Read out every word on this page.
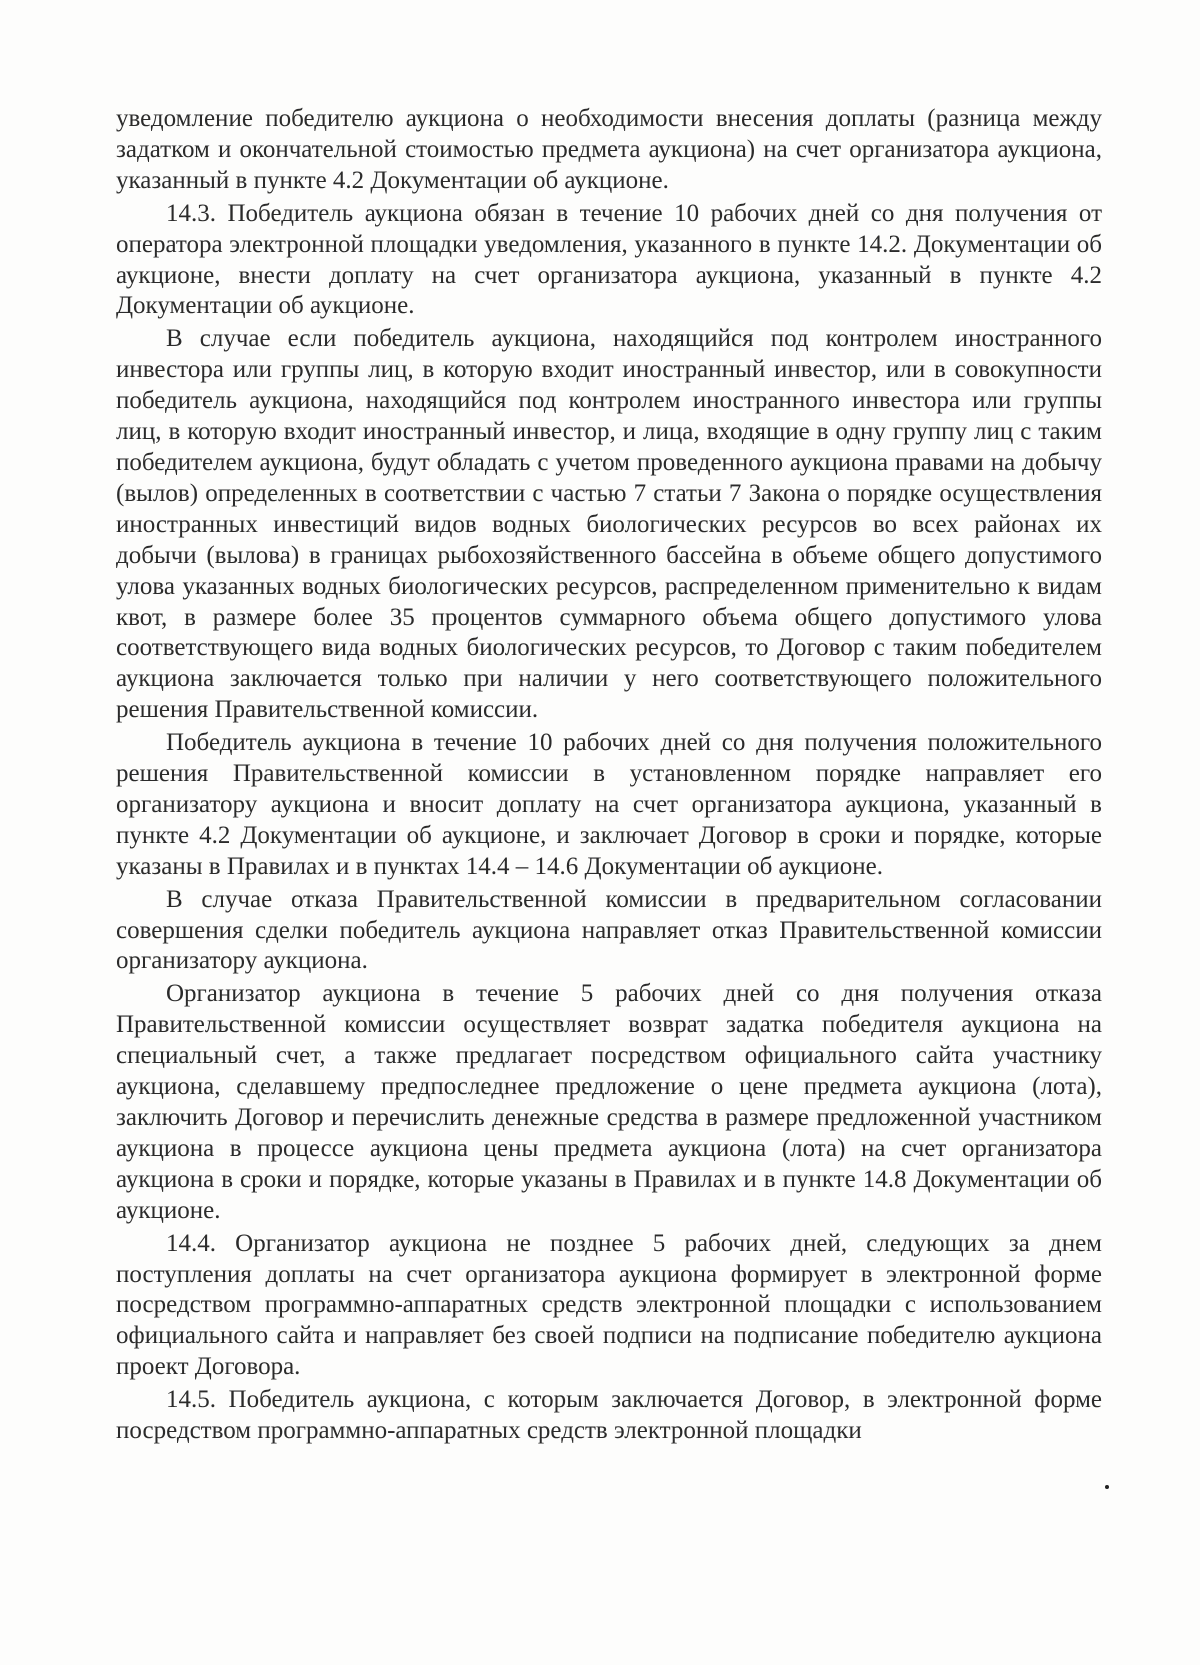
уведомление победителю аукциона о необходимости внесения доплаты (разница между задатком и окончательной стоимостью предмета аукциона) на счет организатора аукциона, указанный в пункте 4.2 Документации об аукционе.

14.3. Победитель аукциона обязан в течение 10 рабочих дней со дня получения от оператора электронной площадки уведомления, указанного в пункте 14.2. Документации об аукционе, внести доплату на счет организатора аукциона, указанный в пункте 4.2 Документации об аукционе.

В случае если победитель аукциона, находящийся под контролем иностранного инвестора или группы лиц, в которую входит иностранный инвестор, или в совокупности победитель аукциона, находящийся под контролем иностранного инвестора или группы лиц, в которую входит иностранный инвестор, и лица, входящие в одну группу лиц с таким победителем аукциона, будут обладать с учетом проведенного аукциона правами на добычу (вылов) определенных в соответствии с частью 7 статьи 7 Закона о порядке осуществления иностранных инвестиций видов водных биологических ресурсов во всех районах их добычи (вылова) в границах рыбохозяйственного бассейна в объеме общего допустимого улова указанных водных биологических ресурсов, распределенном применительно к видам квот, в размере более 35 процентов суммарного объема общего допустимого улова соответствующего вида водных биологических ресурсов, то Договор с таким победителем аукциона заключается только при наличии у него соответствующего положительного решения Правительственной комиссии.

Победитель аукциона в течение 10 рабочих дней со дня получения положительного решения Правительственной комиссии в установленном порядке направляет его организатору аукциона и вносит доплату на счет организатора аукциона, указанный в пункте 4.2 Документации об аукционе, и заключает Договор в сроки и порядке, которые указаны в Правилах и в пунктах 14.4 – 14.6 Документации об аукционе.

В случае отказа Правительственной комиссии в предварительном согласовании совершения сделки победитель аукциона направляет отказ Правительственной комиссии организатору аукциона.

Организатор аукциона в течение 5 рабочих дней со дня получения отказа Правительственной комиссии осуществляет возврат задатка победителя аукциона на специальный счет, а также предлагает посредством официального сайта участнику аукциона, сделавшему предпоследнее предложение о цене предмета аукциона (лота), заключить Договор и перечислить денежные средства в размере предложенной участником аукциона в процессе аукциона цены предмета аукциона (лота) на счет организатора аукциона в сроки и порядке, которые указаны в Правилах и в пункте 14.8 Документации об аукционе.

14.4. Организатор аукциона не позднее 5 рабочих дней, следующих за днем поступления доплаты на счет организатора аукциона формирует в электронной форме посредством программно-аппаратных средств электронной площадки с использованием официального сайта и направляет без своей подписи на подписание победителю аукциона проект Договора.

14.5. Победитель аукциона, с которым заключается Договор, в электронной форме посредством программно-аппаратных средств электронной площадки
